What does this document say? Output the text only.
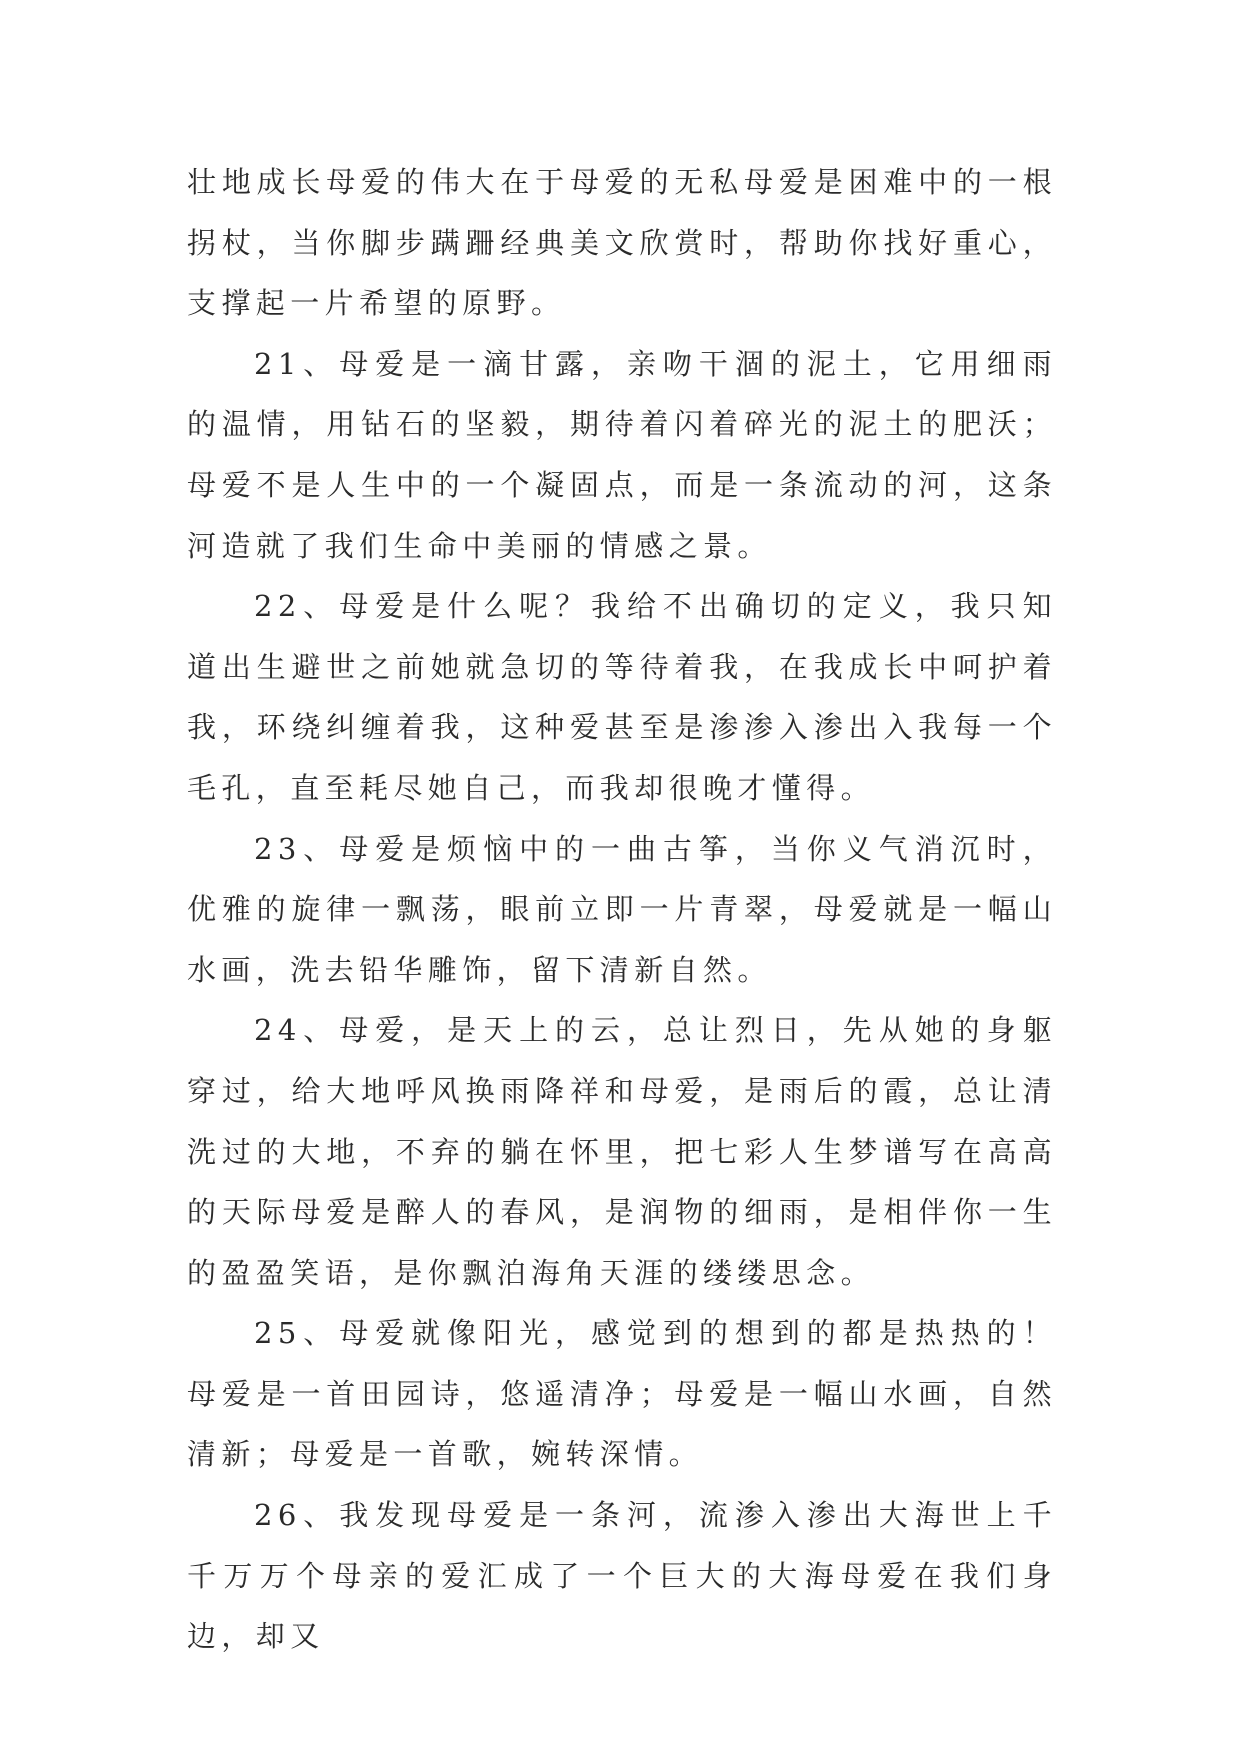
壮地成长母爱的伟大在于母爱的无私母爱是困难中的一根拐杖，当你脚步蹒跚经典美文欣赏时，帮助你找好重心，支撑起一片希望的原野。

21、母爱是一滴甘露，亲吻干涸的泥土，它用细雨的温情，用钻石的坚毅，期待着闪着碎光的泥土的肥沃；母爱不是人生中的一个凝固点，而是一条流动的河，这条河造就了我们生命中美丽的情感之景。

22、母爱是什么呢？我给不出确切的定义，我只知道出生避世之前她就急切的等待着我，在我成长中呵护着我，环绕纠缠着我，这种爱甚至是渗渗入渗出入我每一个毛孔，直至耗尽她自己，而我却很晚才懂得。

23、母爱是烦恼中的一曲古筝，当你义气消沉时，优雅的旋律一飘荡，眼前立即一片青翠，母爱就是一幅山水画，洗去铅华雕饰，留下清新自然。

24、母爱，是天上的云，总让烈日，先从她的身躯穿过，给大地呼风换雨降祥和母爱，是雨后的霞，总让清洗过的大地，不弃的躺在怀里，把七彩人生梦谱写在高高的天际母爱是醉人的春风，是润物的细雨，是相伴你一生的盈盈笑语，是你飘泊海角天涯的缕缕思念。

25、母爱就像阳光，感觉到的想到的都是热热的！母爱是一首田园诗，悠遥清净；母爱是一幅山水画，自然清新；母爱是一首歌，婉转深情。

26、我发现母爱是一条河，流渗入渗出大海世上千千万万个母亲的爱汇成了一个巨大的大海母爱在我们身边，却又
